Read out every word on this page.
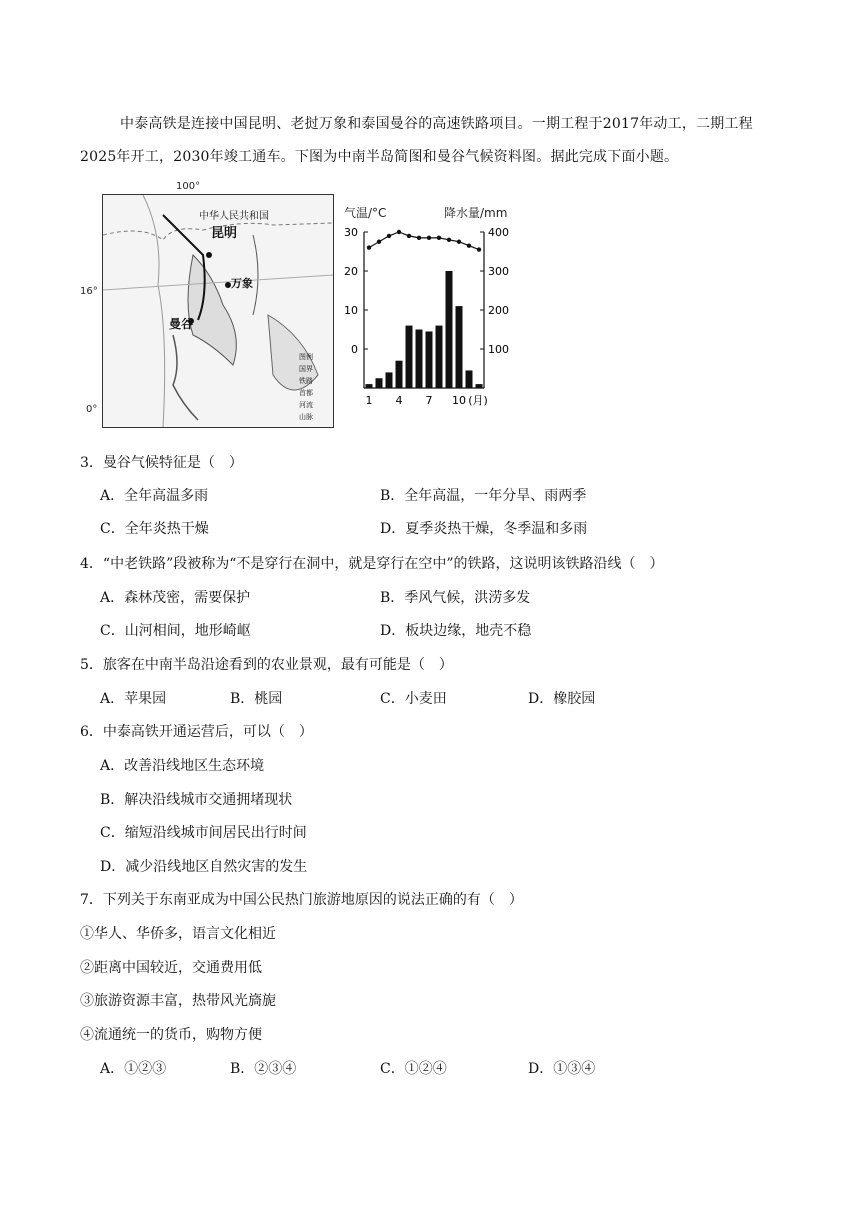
中泰高铁是连接中国昆明、老挝万象和泰国曼谷的高速铁路项目。一期工程于2017年动工，二期工程2025年开工，2030年竣工通车。下图为中南半岛简图和曼谷气候资料图。据此完成下面小题。
中华人民共和国
昆明
万象
曼谷
图例
国界
铁路
首都
河流
山脉
100°
16°
0°
气温/°C	降水量/mm
30
20
10
0
400
300
200
100
1 4 7 10 (月)
3．曼谷气候特征是（　）
A．全年高温多雨	B．全年高温，一年分旱、雨两季
C．全年炎热干燥	D．夏季炎热干燥，冬季温和多雨
4．“中老铁路”段被称为“不是穿行在洞中，就是穿行在空中”的铁路，这说明该铁路沿线（　）
A．森林茂密，需要保护	B．季风气候，洪涝多发
C．山河相间，地形崎岖	D．板块边缘，地壳不稳
5．旅客在中南半岛沿途看到的农业景观，最有可能是（　）
A．苹果园	B．桃园	C．小麦田	D．橡胶园
6．中泰高铁开通运营后，可以（　）
A．改善沿线地区生态环境
B．解决沿线城市交通拥堵现状
C．缩短沿线城市间居民出行时间
D．减少沿线地区自然灾害的发生
7．下列关于东南亚成为中国公民热门旅游地原因的说法正确的有（　）
①华人、华侨多，语言文化相近
②距离中国较近，交通费用低
③旅游资源丰富，热带风光旖旎
④流通统一的货币，购物方便
A．①②③	B．②③④	C．①②④	D．①③④
